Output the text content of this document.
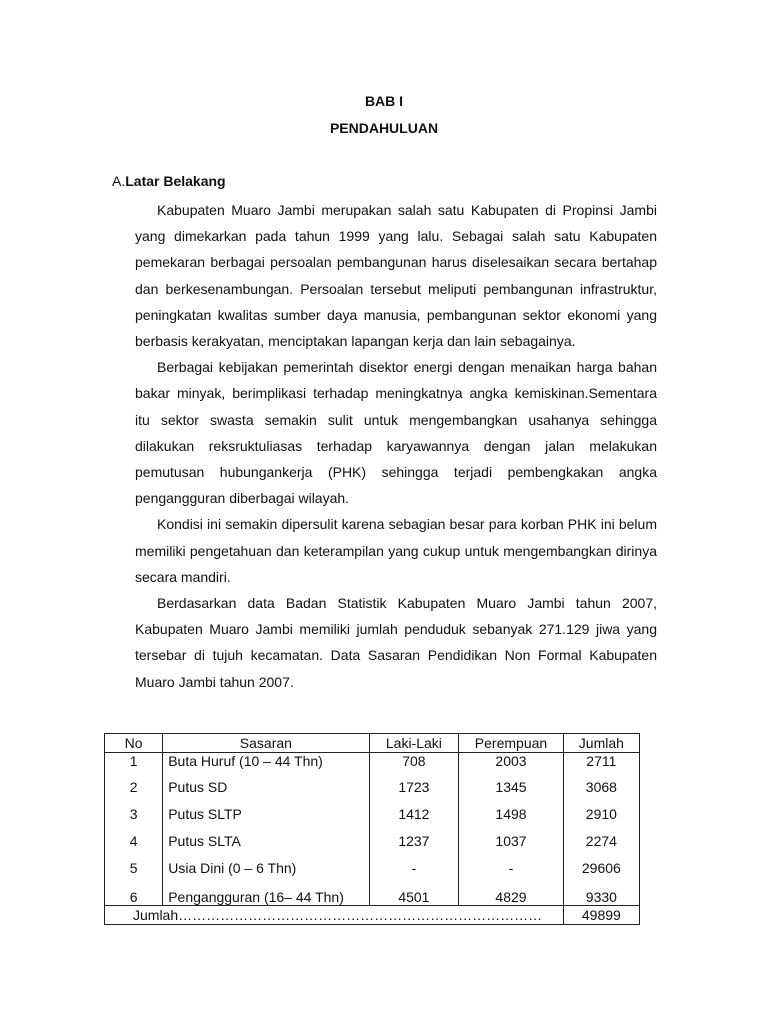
BAB I
PENDAHULUAN
A.Latar Belakang

Kabupaten Muaro Jambi merupakan salah satu Kabupaten di Propinsi Jambi yang dimekarkan pada tahun 1999 yang lalu. Sebagai salah satu Kabupaten pemekaran berbagai persoalan pembangunan harus diselesaikan secara bertahap dan berkesenambungan. Persoalan tersebut meliputi pembangunan infrastruktur, peningkatan kwalitas sumber daya manusia, pembangunan sektor ekonomi yang berbasis kerakyatan, menciptakan lapangan kerja dan lain sebagainya.

Berbagai kebijakan pemerintah disektor energi dengan menaikan harga bahan bakar minyak, berimplikasi terhadap meningkatnya angka kemiskinan.Sementara itu sektor swasta semakin sulit untuk mengembangkan usahanya sehingga dilakukan reksruktuliasas terhadap karyawannya dengan jalan melakukan pemutusan hubungankerja (PHK) sehingga terjadi pembengkakan angka pengangguran diberbagai wilayah.

Kondisi ini semakin dipersulit karena sebagian besar para korban PHK ini belum memiliki pengetahuan dan keterampilan yang cukup untuk mengembangkan dirinya secara mandiri.

Berdasarkan data Badan Statistik Kabupaten Muaro Jambi tahun 2007, Kabupaten Muaro Jambi memiliki jumlah penduduk sebanyak 271.129 jiwa yang tersebar di tujuh kecamatan. Data Sasaran Pendidikan Non Formal Kabupaten Muaro Jambi tahun 2007.

No	Sasaran	Laki-Laki	Perempuan	Jumlah
1	Buta Huruf (10 – 44 Thn)	708	2003	2711
2	Putus SD	1723	1345	3068
3	Putus SLTP	1412	1498	2910
4	Putus SLTA	1237	1037	2274
5	Usia Dini (0 – 6 Thn)	-	-	29606
6	Pengangguran (16– 44 Thn)	4501	4829	9330
Jumlah……………………………………………………………………				49899
